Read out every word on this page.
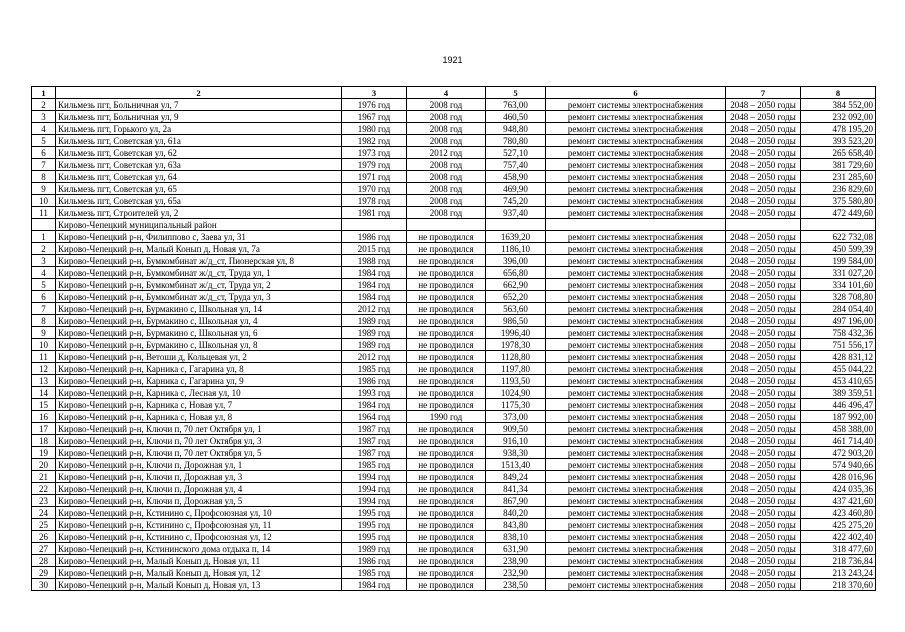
1921
1	2	3	4	5	6	7	8
2	Кильмезь пгт, Больничная ул, 7	1976 год	2008 год	763,00	ремонт системы электроснабжения	2048 – 2050 годы	384 552,00
3	Кильмезь пгт, Больничная ул, 9	1967 год	2008 год	460,50	ремонт системы электроснабжения	2048 – 2050 годы	232 092,00
4	Кильмезь пгт, Горького ул, 2а	1980 год	2008 год	948,80	ремонт системы электроснабжения	2048 – 2050 годы	478 195,20
5	Кильмезь пгт, Советская ул, 61а	1982 год	2008 год	780,80	ремонт системы электроснабжения	2048 – 2050 годы	393 523,20
6	Кильмезь пгт, Советская ул, 62	1973 год	2012 год	527,10	ремонт системы электроснабжения	2048 – 2050 годы	265 658,40
7	Кильмезь пгт, Советская ул, 63а	1979 год	2008 год	757,40	ремонт системы электроснабжения	2048 – 2050 годы	381 729,60
8	Кильмезь пгт, Советская ул, 64	1971 год	2008 год	458,90	ремонт системы электроснабжения	2048 – 2050 годы	231 285,60
9	Кильмезь пгт, Советская ул, 65	1970 год	2008 год	469,90	ремонт системы электроснабжения	2048 – 2050 годы	236 829,60
10	Кильмезь пгт, Советская ул, 65а	1978 год	2008 год	745,20	ремонт системы электроснабжения	2048 – 2050 годы	375 580,80
11	Кильмезь пгт, Строителей ул, 2	1981 год	2008 год	937,40	ремонт системы электроснабжения	2048 – 2050 годы	472 449,60
	Кирово-Чепецкий муниципальный район						
1	Кирово-Чепецкий р-н, Филиппово с, Заева ул, 31	1986 год	не проводился	1639,20	ремонт системы электроснабжения	2048 – 2050 годы	622 732,08
2	Кирово-Чепецкий р-н, Малый Конып д, Новая ул, 7а	2015 год	не проводился	1186,10	ремонт системы электроснабжения	2048 – 2050 годы	450 599,39
3	Кирово-Чепецкий р-н, Бумкомбинат ж/д_ст, Пионерская ул, 8	1988 год	не проводился	396,00	ремонт системы электроснабжения	2048 – 2050 годы	199 584,00
4	Кирово-Чепецкий р-н, Бумкомбинат ж/д_ст, Труда ул, 1	1984 год	не проводился	656,80	ремонт системы электроснабжения	2048 – 2050 годы	331 027,20
5	Кирово-Чепецкий р-н, Бумкомбинат ж/д_ст, Труда ул, 2	1984 год	не проводился	662,90	ремонт системы электроснабжения	2048 – 2050 годы	334 101,60
6	Кирово-Чепецкий р-н, Бумкомбинат ж/д_ст, Труда ул, 3	1984 год	не проводился	652,20	ремонт системы электроснабжения	2048 – 2050 годы	328 708,80
7	Кирово-Чепецкий р-н, Бурмакино с, Школьная ул, 14	2012 год	не проводился	563,60	ремонт системы электроснабжения	2048 – 2050 годы	284 054,40
8	Кирово-Чепецкий р-н, Бурмакино с, Школьная ул, 4	1989 год	не проводился	986,50	ремонт системы электроснабжения	2048 – 2050 годы	497 196,00
9	Кирово-Чепецкий р-н, Бурмакино с, Школьная ул, 6	1989 год	не проводился	1996,40	ремонт системы электроснабжения	2048 – 2050 годы	758 432,36
10	Кирово-Чепецкий р-н, Бурмакино с, Школьная ул, 8	1989 год	не проводился	1978,30	ремонт системы электроснабжения	2048 – 2050 годы	751 556,17
11	Кирово-Чепецкий р-н, Ветоши д, Кольцевая ул, 2	2012 год	не проводился	1128,80	ремонт системы электроснабжения	2048 – 2050 годы	428 831,12
12	Кирово-Чепецкий р-н, Карника с, Гагарина ул, 8	1985 год	не проводился	1197,80	ремонт системы электроснабжения	2048 – 2050 годы	455 044,22
13	Кирово-Чепецкий р-н, Карника с, Гагарина ул, 9	1986 год	не проводился	1193,50	ремонт системы электроснабжения	2048 – 2050 годы	453 410,65
14	Кирово-Чепецкий р-н, Карника с, Лесная ул, 10	1993 год	не проводился	1024,90	ремонт системы электроснабжения	2048 – 2050 годы	389 359,51
15	Кирово-Чепецкий р-н, Карника с, Новая ул, 7	1984 год	не проводился	1175,30	ремонт системы электроснабжения	2048 – 2050 годы	446 496,47
16	Кирово-Чепецкий р-н, Карника с, Новая ул, 8	1964 год	1990 год	373,00	ремонт системы электроснабжения	2048 – 2050 годы	187 992,00
17	Кирово-Чепецкий р-н, Ключи п, 70 лет Октября ул, 1	1987 год	не проводился	909,50	ремонт системы электроснабжения	2048 – 2050 годы	458 388,00
18	Кирово-Чепецкий р-н, Ключи п, 70 лет Октября ул, 3	1987 год	не проводился	916,10	ремонт системы электроснабжения	2048 – 2050 годы	461 714,40
19	Кирово-Чепецкий р-н, Ключи п, 70 лет Октября ул, 5	1987 год	не проводился	938,30	ремонт системы электроснабжения	2048 – 2050 годы	472 903,20
20	Кирово-Чепецкий р-н, Ключи п, Дорожная ул, 1	1985 год	не проводился	1513,40	ремонт системы электроснабжения	2048 – 2050 годы	574 940,66
21	Кирово-Чепецкий р-н, Ключи п, Дорожная ул, 3	1994 год	не проводился	849,24	ремонт системы электроснабжения	2048 – 2050 годы	428 016,96
22	Кирово-Чепецкий р-н, Ключи п, Дорожная ул, 4	1994 год	не проводился	841,34	ремонт системы электроснабжения	2048 – 2050 годы	424 035,36
23	Кирово-Чепецкий р-н, Ключи п, Дорожная ул, 5	1994 год	не проводился	867,90	ремонт системы электроснабжения	2048 – 2050 годы	437 421,60
24	Кирово-Чепецкий р-н, Кстинино с, Профсоюзная ул, 10	1995 год	не проводился	840,20	ремонт системы электроснабжения	2048 – 2050 годы	423 460,80
25	Кирово-Чепецкий р-н, Кстинино с, Профсоюзная ул, 11	1995 год	не проводился	843,80	ремонт системы электроснабжения	2048 – 2050 годы	425 275,20
26	Кирово-Чепецкий р-н, Кстинино с, Профсоюзная ул, 12	1995 год	не проводился	838,10	ремонт системы электроснабжения	2048 – 2050 годы	422 402,40
27	Кирово-Чепецкий р-н, Кстининского дома отдыха п, 14	1989 год	не проводился	631,90	ремонт системы электроснабжения	2048 – 2050 годы	318 477,60
28	Кирово-Чепецкий р-н, Малый Конып д, Новая ул, 11	1986 год	не проводился	238,90	ремонт системы электроснабжения	2048 – 2050 годы	218 736,84
29	Кирово-Чепецкий р-н, Малый Конып д, Новая ул, 12	1985 год	не проводился	232,90	ремонт системы электроснабжения	2048 – 2050 годы	213 243,24
30	Кирово-Чепецкий р-н, Малый Конып д, Новая ул, 13	1984 год	не проводился	238,50	ремонт системы электроснабжения	2048 – 2050 годы	218 370,60
